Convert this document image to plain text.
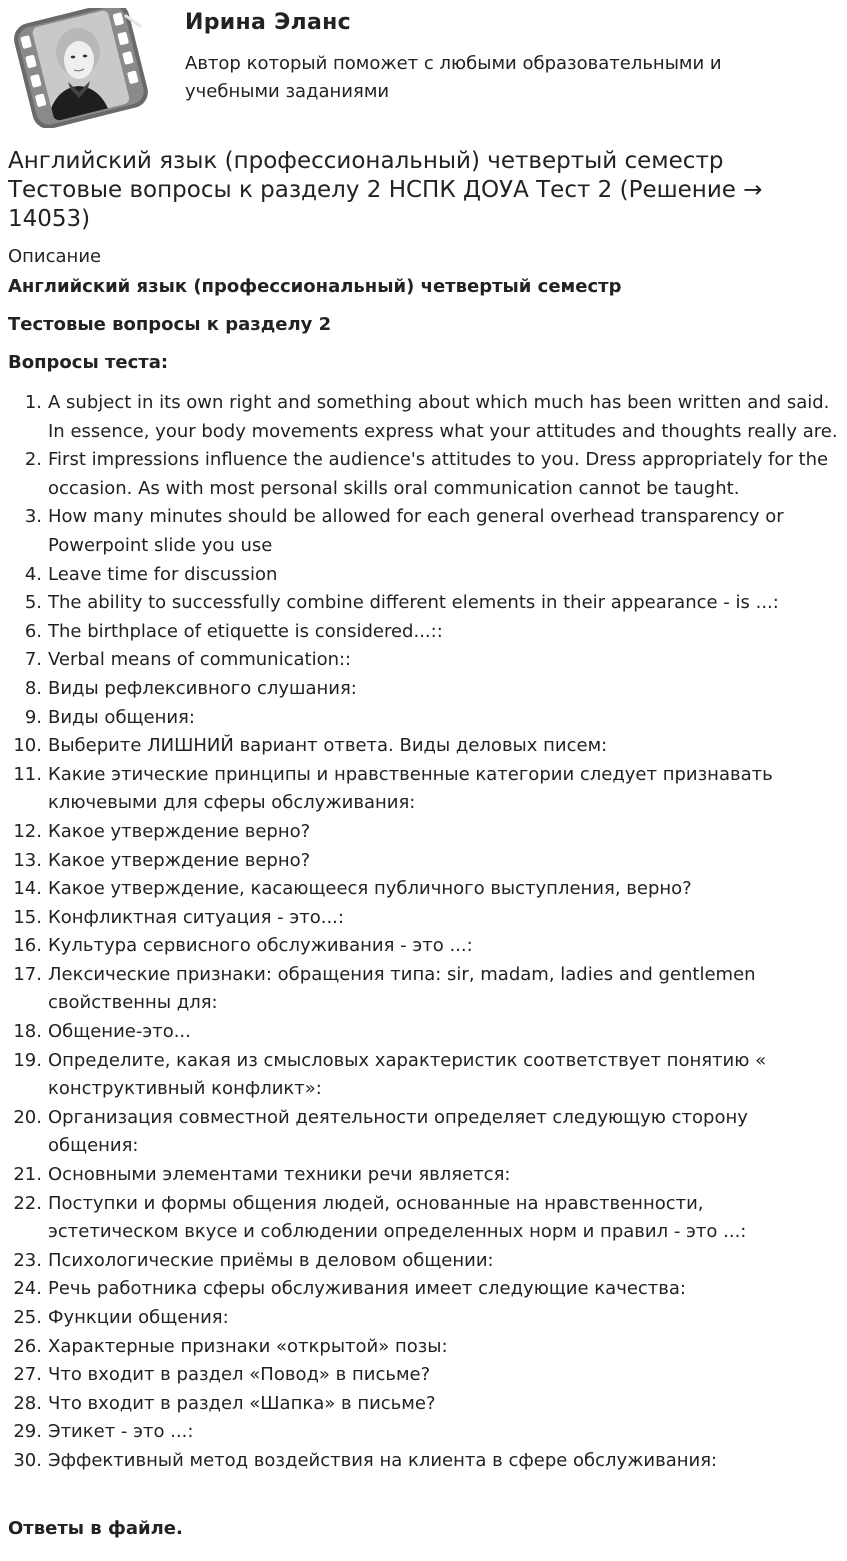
Ирина Эланс
Автор который поможет с любыми образовательными и учебными заданиями
Английский язык (профессиональный) четвертый семестр Тестовые вопросы к разделу 2 НСПК ДОУА Тест 2 (Решение → 14053)
Описание
Английский язык (профессиональный) четвертый семестр
Тестовые вопросы к разделу 2
Вопросы теста:
1. A subject in its own right and something about which much has been written and said. In essence, your body movements express what your attitudes and thoughts really are.
2. First impressions influence the audience's attitudes to you. Dress appropriately for the occasion. As with most personal skills oral communication cannot be taught.
3. How many minutes should be allowed for each general overhead transparency or Powerpoint slide you use
4. Leave time for discussion
5. The ability to successfully combine different elements in their appearance - is ...:
6. The birthplace of etiquette is considered...::
7. Verbal means of communication::
8. Виды рефлексивного слушания:
9. Виды общения:
10. Выберите ЛИШНИЙ вариант ответа. Виды деловых писем:
11. Какие этические принципы и нравственные категории следует признавать ключевыми для сферы обслуживания:
12. Какое утверждение верно?
13. Какое утверждение верно?
14. Какое утверждение, касающееся публичного выступления, верно?
15. Конфликтная ситуация - это...:
16. Культура сервисного обслуживания - это ...:
17. Лексические признаки: обращения типа: sir, madam, ladies and gentlemen свойственны для:
18. Общение-это...
19. Определите, какая из смысловых характеристик соответствует понятию « конструктивный конфликт»:
20. Организация совместной деятельности определяет следующую сторону общения:
21. Основными элементами техники речи является:
22. Поступки и формы общения людей, основанные на нравственности, эстетическом вкусе и соблюдении определенных норм и правил - это ...:
23. Психологические приёмы в деловом общении:
24. Речь работника сферы обслуживания имеет следующие качества:
25. Функции общения:
26. Характерные признаки «открытой» позы:
27. Что входит в раздел «Повод» в письме?
28. Что входит в раздел «Шапка» в письме?
29. Этикет - это ...:
30. Эффективный метод воздействия на клиента в сфере обслуживания:
Ответы в файле.
